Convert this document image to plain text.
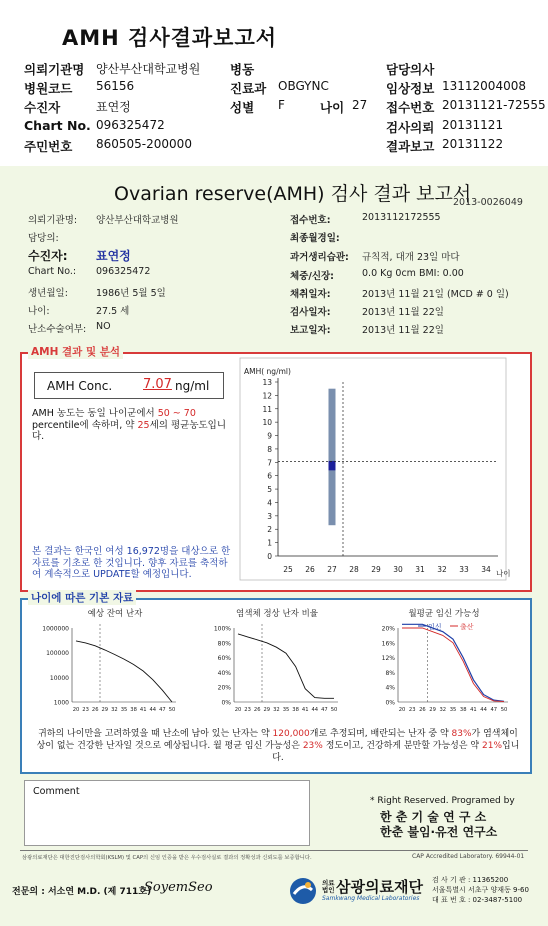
AMH 검사결과보고서
의뢰기관명 양산부산대학교병원
병원코드 56156
수진자	표연정
Chart No. 096325472
주민번호 860505-200000
병동
진료과 OBGYNC
성별 F	나이 27
담당의사
임상정보 13112004008
접수번호 20131121-72555
검사의뢰 20131121
결과보고 20131122
Ovarian reserve(AMH) 검사 결과 보고서
2013-0026049
의뢰기관명: 양산부산대학교병원
담당의:
수진자: 표연정
Chart No.: 096325472
생년월일:	1986년 5월 5일
나이:	27.5 세
난소수술여부: NO
접수번호:	2013112172555
최종월경일:
과거생리습관: 규칙적, 대개 23일 마다
체중/신장:	0.0 Kg 0cm BMI: 0.00
채취일자:	2013년 11월 21일 (MCD # 0 일)
검사일자:	2013년 11월 22일
보고일자:	2013년 11월 22일
AMH 결과 및 분석
AMH Conc. 7.07 ng/ml
AMH 농도는 동일 나이군에서 50 ~ 70 percentile에 속하며, 약 25세의 평균농도입니다.
본 결과는 한국인 여성 16,972명을 대상으로 한 자료를 기초로 한 것입니다. 향후 자료를 축적하여 계속적으로 UPDATE할 예정입니다.
AMH( ng/ml)
0
1
2
3
4
5
6
7
8
9
10
11
12
13
25 26 27 28 29 30 31 32 33 34 나이
나이에 따른 기본 자료
예상 잔여 난자
1000000
100000
10000
1000
20 23 26 29 32 35 38 41 44 47 50
염색체 정상 난자 비율
100%
80%
60%
40%
20%
0%
20 23 26 29 32 35 38 41 44 47 50
월평균 임신 가능성
20%
16%
12%
8%
4%
0%
20 23 26 29 32 35 38 41 44 47 50
임신	출산
귀하의 나이만을 고려하였을 때 난소에 남아 있는 난자는 약 120,000개로 추정되며, 배란되는 난자 중 약 83%가 염색체이상이 없는 건강한 난자일 것으로 예상됩니다. 월 평균 임신 가능성은 23% 정도이고, 건강하게 분만할 가능성은 약 21%입니다.
Comment
* Right Reserved. Programed by
한 춘 기 술 연 구 소
한춘 불임·유전 연구소
삼광의료재단은 대한진단검사의학회(KSLM) 및 CAP의 신임 인증을 받은 우수검사실로 결과의 정확성과 신뢰도를 보증합니다.	CAP Accredited Laboratory. 69944-01
전문의 : 서소연 M.D. (제 711호)
SoyemSeo	의료법인 삼광의료재단
Samkwang Medical Laboratories
검 사 기 관 : 11365200
서울특별시 서초구 양재동 9-60
대 표 번 호 : 02-3487-5100
